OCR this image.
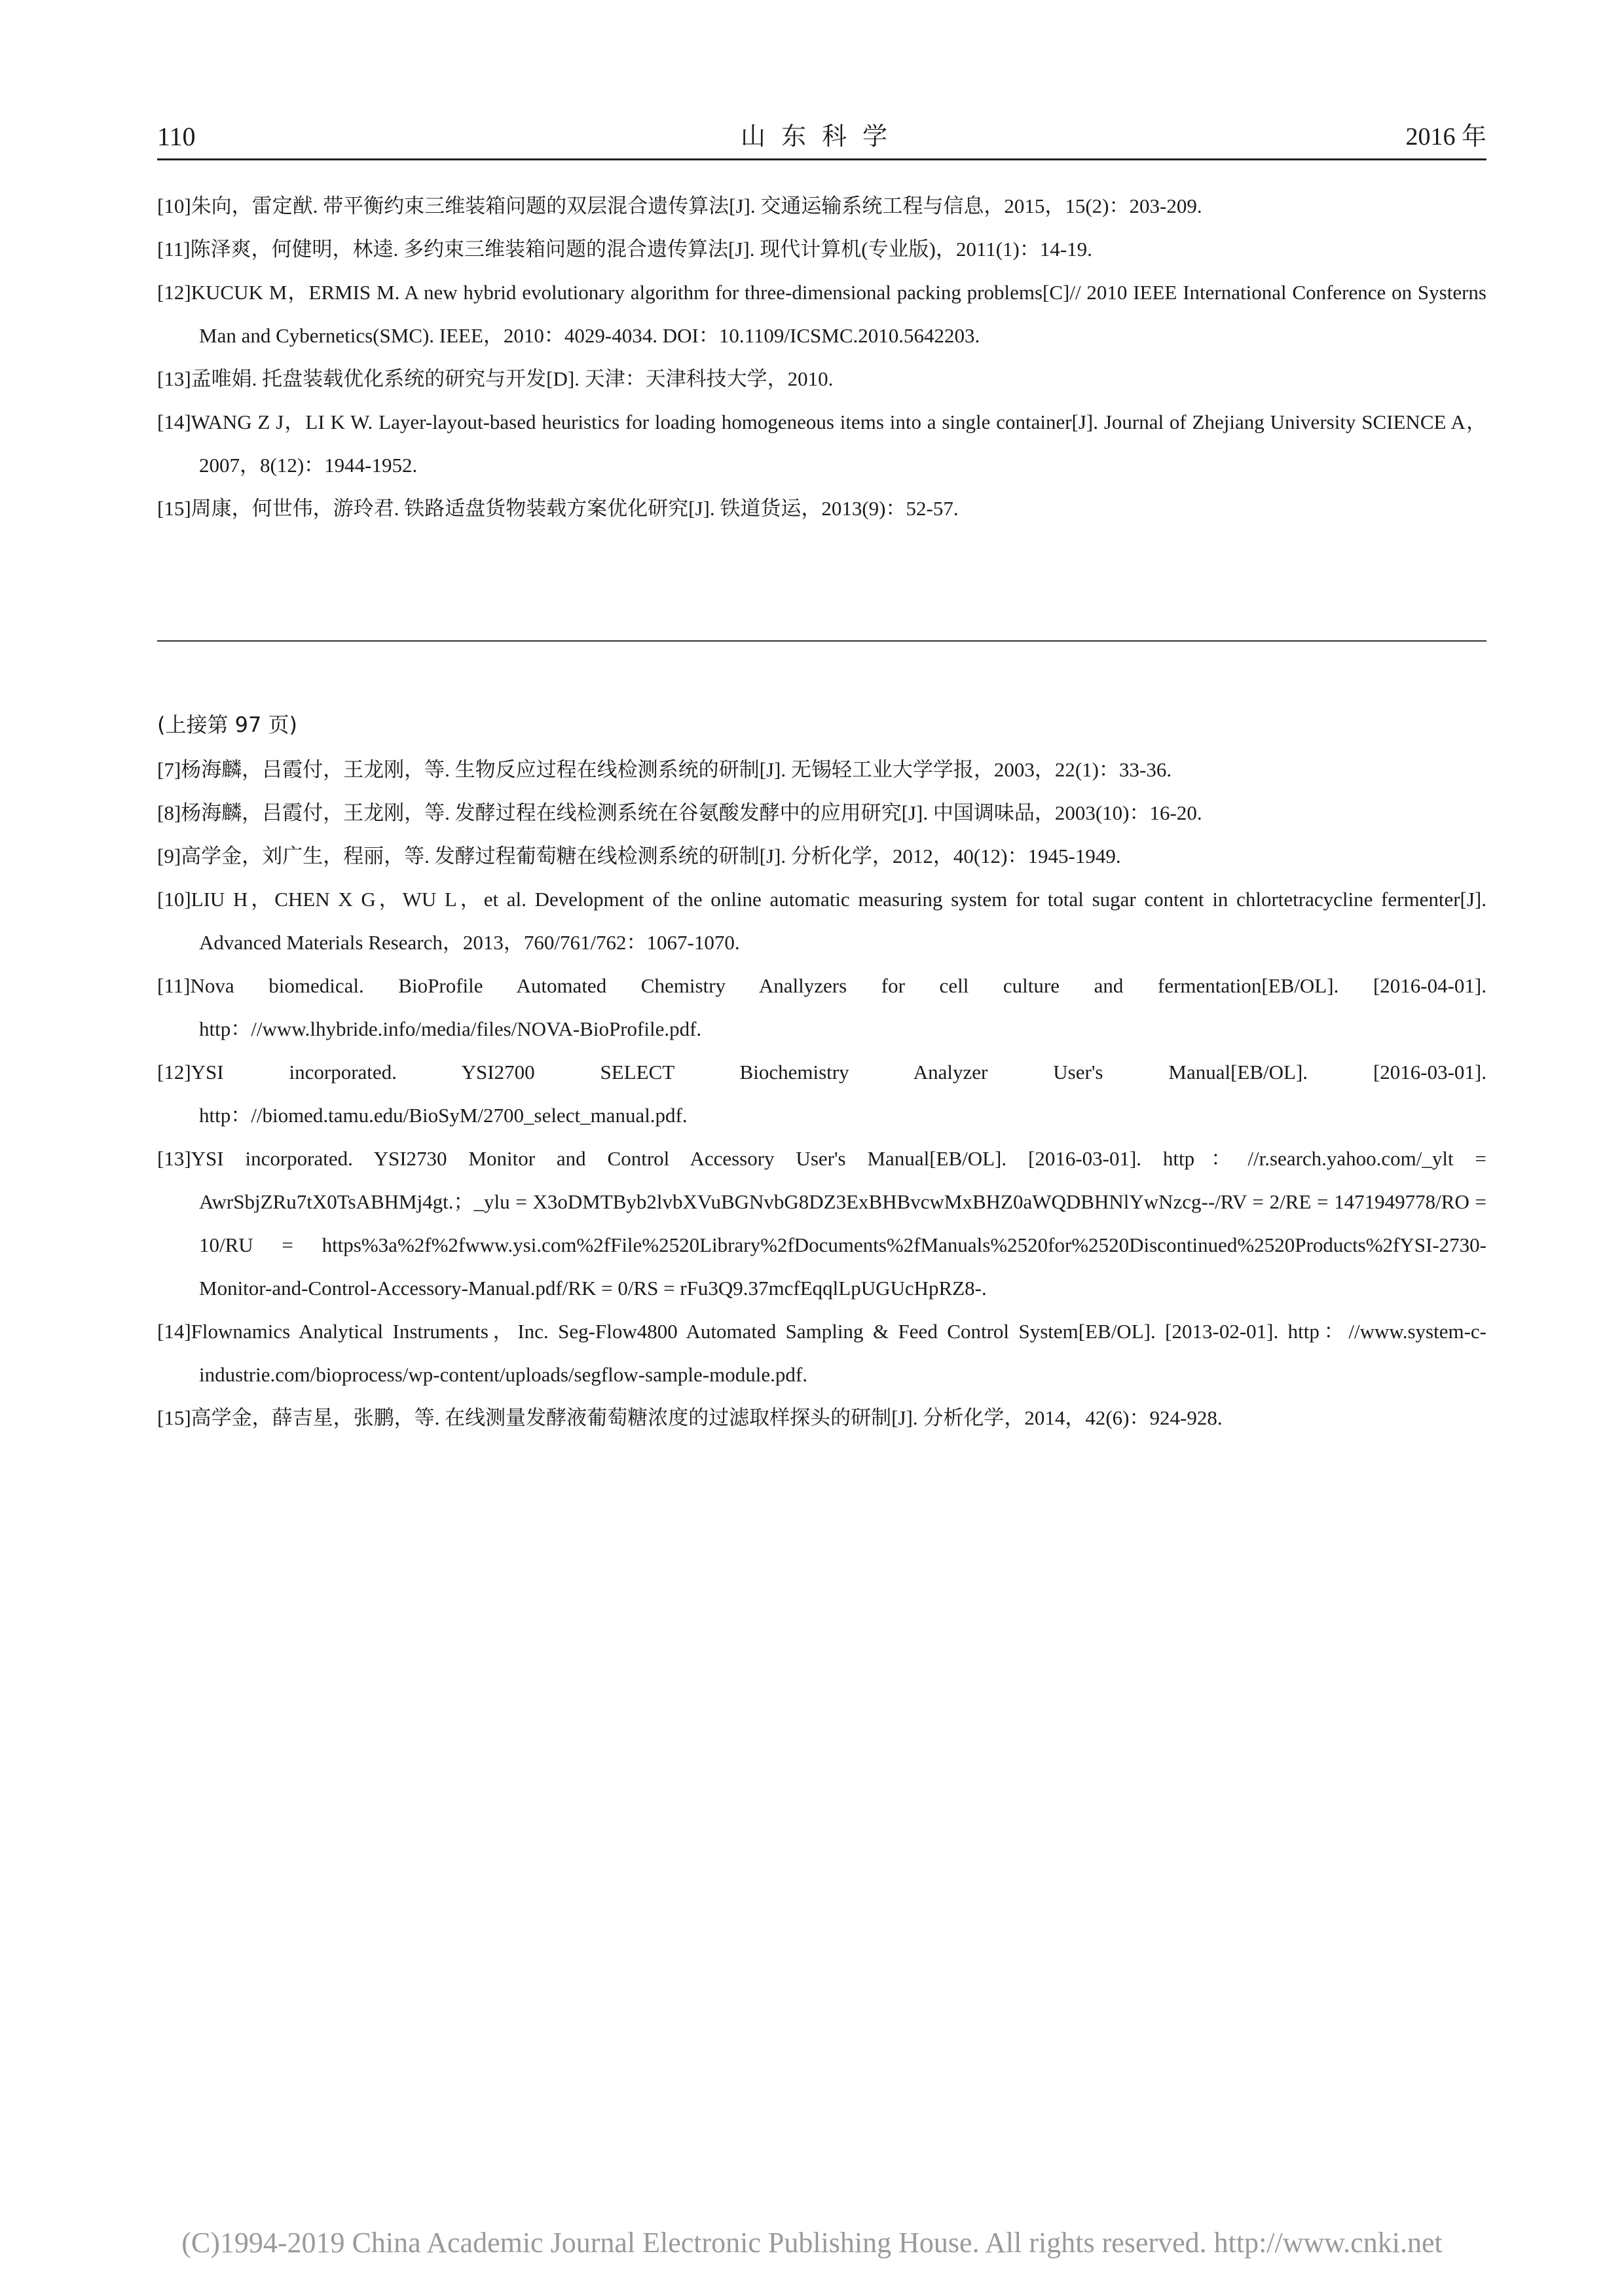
110	山东科学	2016 年
[10]朱向，雷定猷. 带平衡约束三维装箱问题的双层混合遗传算法[J]. 交通运输系统工程与信息，2015，15(2)：203-209.
[11]陈泽爽，何健明，林逵. 多约束三维装箱问题的混合遗传算法[J]. 现代计算机(专业版)，2011(1)：14-19.
[12]KUCUK M，ERMIS M. A new hybrid evolutionary algorithm for three-dimensional packing problems[C]// 2010 IEEE International Conference on Systerns Man and Cybernetics(SMC). IEEE，2010：4029-4034. DOI：10.1109/ICSMC.2010.5642203.
[13]孟唯娟. 托盘装载优化系统的研究与开发[D]. 天津：天津科技大学，2010.
[14]WANG Z J，LI K W. Layer-layout-based heuristics for loading homogeneous items into a single container[J]. Journal of Zhejiang University SCIENCE A，2007，8(12)：1944-1952.
[15]周康，何世伟，游玲君. 铁路适盘货物装载方案优化研究[J]. 铁道货运，2013(9)：52-57.
(上接第 97 页)
[7]杨海麟，吕霞付，王龙刚，等. 生物反应过程在线检测系统的研制[J]. 无锡轻工业大学学报，2003，22(1)：33-36.
[8]杨海麟，吕霞付，王龙刚，等. 发酵过程在线检测系统在谷氨酸发酵中的应用研究[J]. 中国调味品，2003(10)：16-20.
[9]高学金，刘广生，程丽，等. 发酵过程葡萄糖在线检测系统的研制[J]. 分析化学，2012，40(12)：1945-1949.
[10]LIU H，CHEN X G，WU L，et al. Development of the online automatic measuring system for total sugar content in chlortetracycline fermenter[J]. Advanced Materials Research，2013，760/761/762：1067-1070.
[11]Nova biomedical. BioProfile Automated Chemistry Anallyzers for cell culture and fermentation[EB/OL]. [2016-04-01]. http：//www.lhybride.info/media/files/NOVA-BioProfile.pdf.
[12]YSI incorporated. YSI2700 SELECT Biochemistry Analyzer User's Manual[EB/OL]. [2016-03-01]. http：//biomed.tamu.edu/BioSyM/2700_select_manual.pdf.
[13]YSI incorporated. YSI2730 Monitor and Control Accessory User's Manual[EB/OL]. [2016-03-01]. http：//r.search.yahoo.com/_ylt = AwrSbjZRu7tX0TsABHMj4gt.；_ylu = X3oDMTByb2lvbXVuBGNvbG8DZ3ExBHBvcwMxBHZ0aWQDBHNlYwNzcg--/RV = 2/RE = 1471949778/RO = 10/RU = https%3a%2f%2fwww.ysi.com%2fFile%2520Library%2fDocuments%2fManuals%2520for%2520Discontinued%2520Products%2fYSI-2730-Monitor-and-Control-Accessory-Manual.pdf/RK = 0/RS = rFu3Q9.37mcfEqqlLpUGUcHpRZ8-.
[14]Flownamics Analytical Instruments，Inc. Seg-Flow4800 Automated Sampling & Feed Control System[EB/OL]. [2013-02-01]. http：//www.system-c-industrie.com/bioprocess/wp-content/uploads/segflow-sample-module.pdf.
[15]高学金，薛吉星，张鹏，等. 在线测量发酵液葡萄糖浓度的过滤取样探头的研制[J]. 分析化学，2014，42(6)：924-928.
(C)1994-2019 China Academic Journal Electronic Publishing House. All rights reserved. http://www.cnki.net
